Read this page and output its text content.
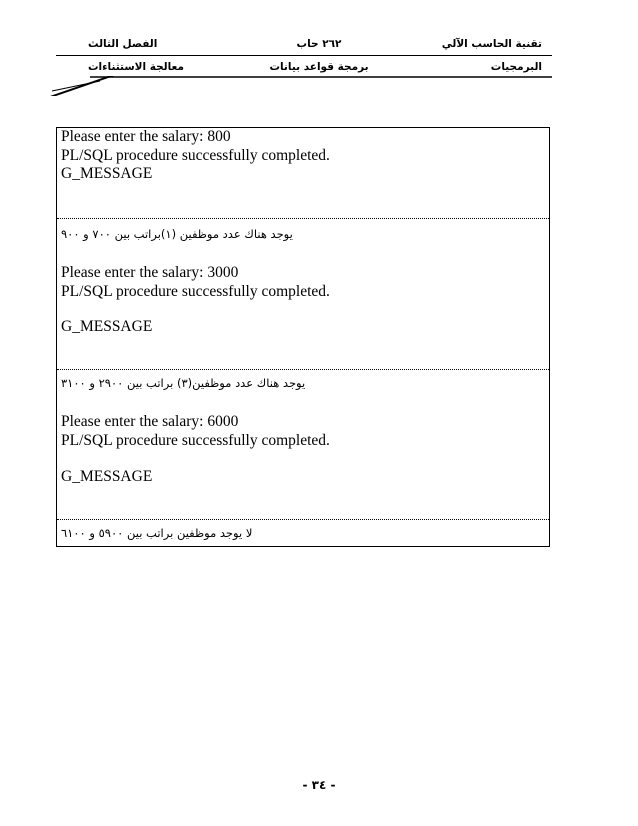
تقنية الحاسب الآلي
٢٦٢ حاب
الفصل الثالث
البرمجيات
برمجة قواعد بيانات
معالجة الاستثناءات
Please enter the salary: 800
PL/SQL procedure successfully completed.
G_MESSAGE
يوجد هناك عدد موظفين (١)براتب بين ٧٠٠ و ٩٠٠
Please enter the salary: 3000
PL/SQL procedure successfully completed.
G_MESSAGE
يوجد هناك عدد موظفين(٣) براتب بين ٢٩٠٠ و ٣١٠٠
Please enter the salary: 6000
PL/SQL procedure successfully completed.
G_MESSAGE
لا يوجد موظفين براتب بين ٥٩٠٠ و ٦١٠٠
- ٣٤ -
